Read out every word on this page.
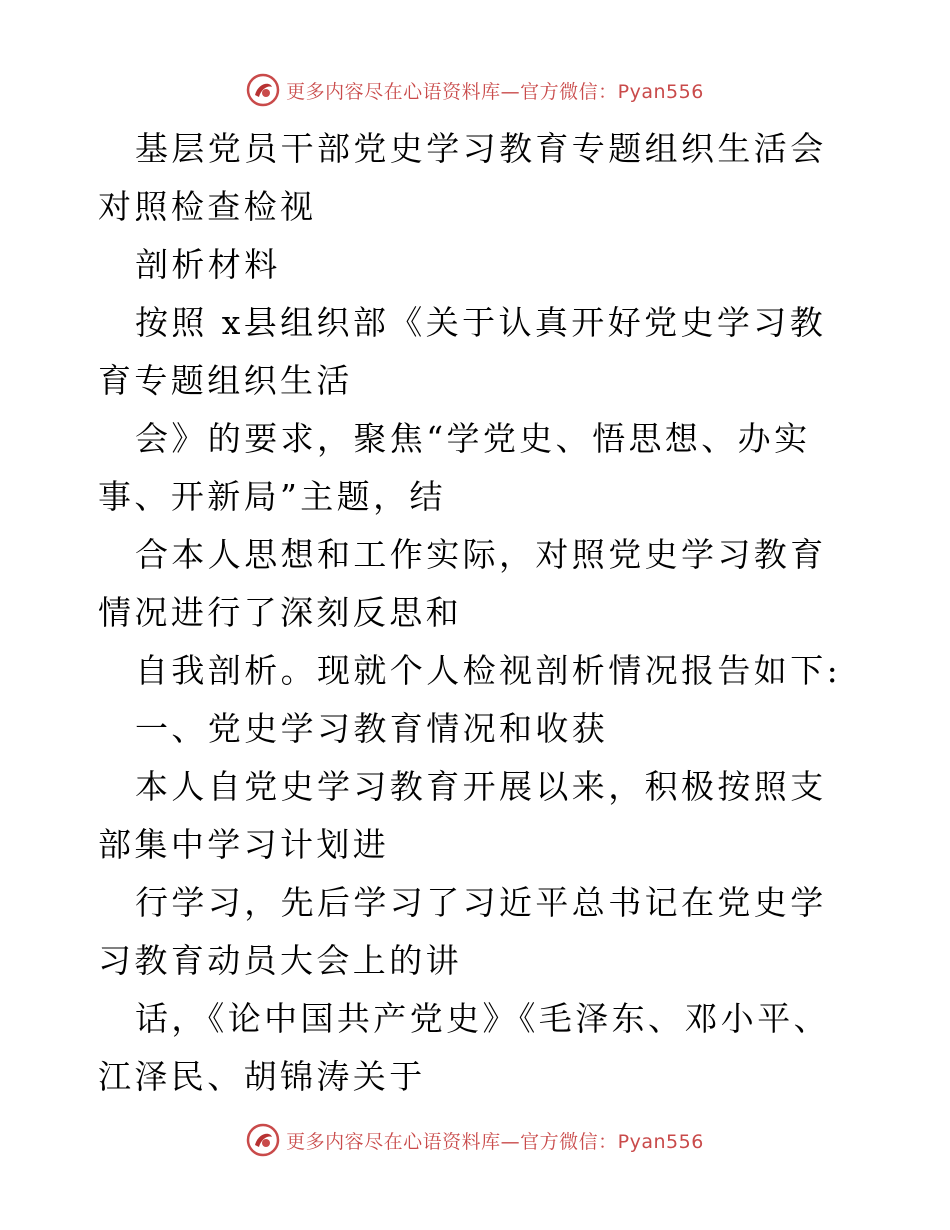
更多内容尽在心语资料库—官方微信：Pyan556

基层党员干部党史学习教育专题组织生活会对照检查检视

剖析材料

按照 x县组织部《关于认真开好党史学习教育专题组织生活

会》的要求，聚焦“学党史、悟思想、办实事、开新局”主题，结

合本人思想和工作实际，对照党史学习教育情况进行了深刻反思和

自我剖析。现就个人检视剖析情况报告如下:

一、党史学习教育情况和收获

本人自党史学习教育开展以来，积极按照支部集中学习计划进

行学习，先后学习了习近平总书记在党史学习教育动员大会上的讲

话，《论中国共产党史》《毛泽东、邓小平、江泽民、胡锦涛关于

更多内容尽在心语资料库—官方微信：Pyan556
